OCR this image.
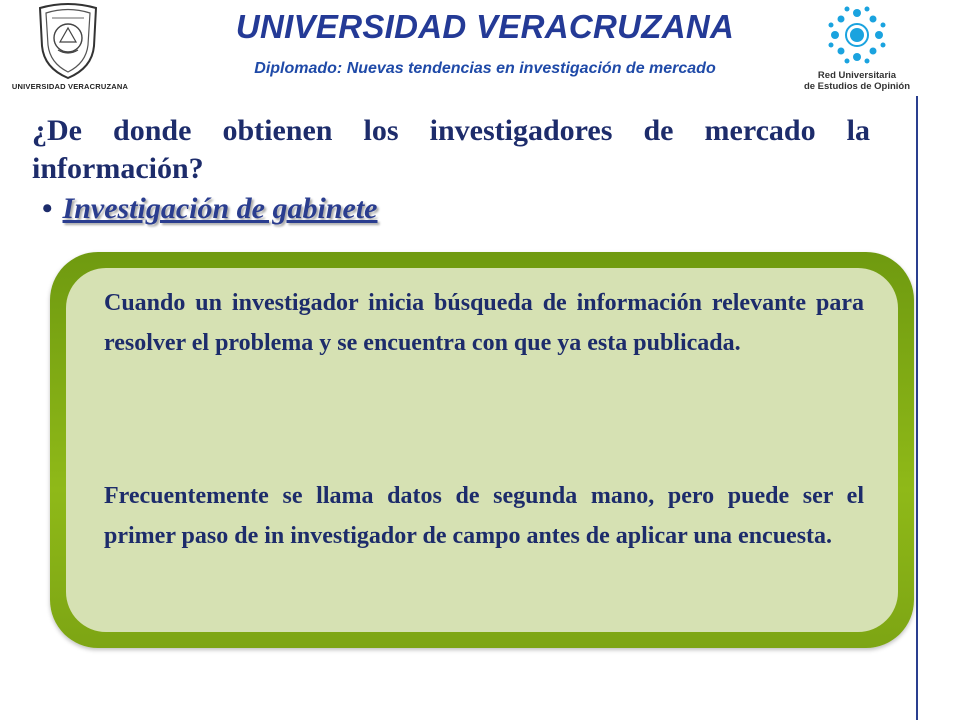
UNIVERSIDAD VERACRUZANA
UNIVERSIDAD VERACRUZANA
Diplomado: Nuevas tendencias en investigación de mercado	Red Universitaria
de Estudios de Opinión
¿De donde obtienen los investigadores de mercado la información?
• Investigación de gabinete
Cuando un investigador inicia búsqueda de información relevante para resolver el problema y se encuentra con que ya esta publicada.
Frecuentemente se llama datos de segunda mano, pero puede ser el primer paso de in investigador de campo antes de aplicar una encuesta.
